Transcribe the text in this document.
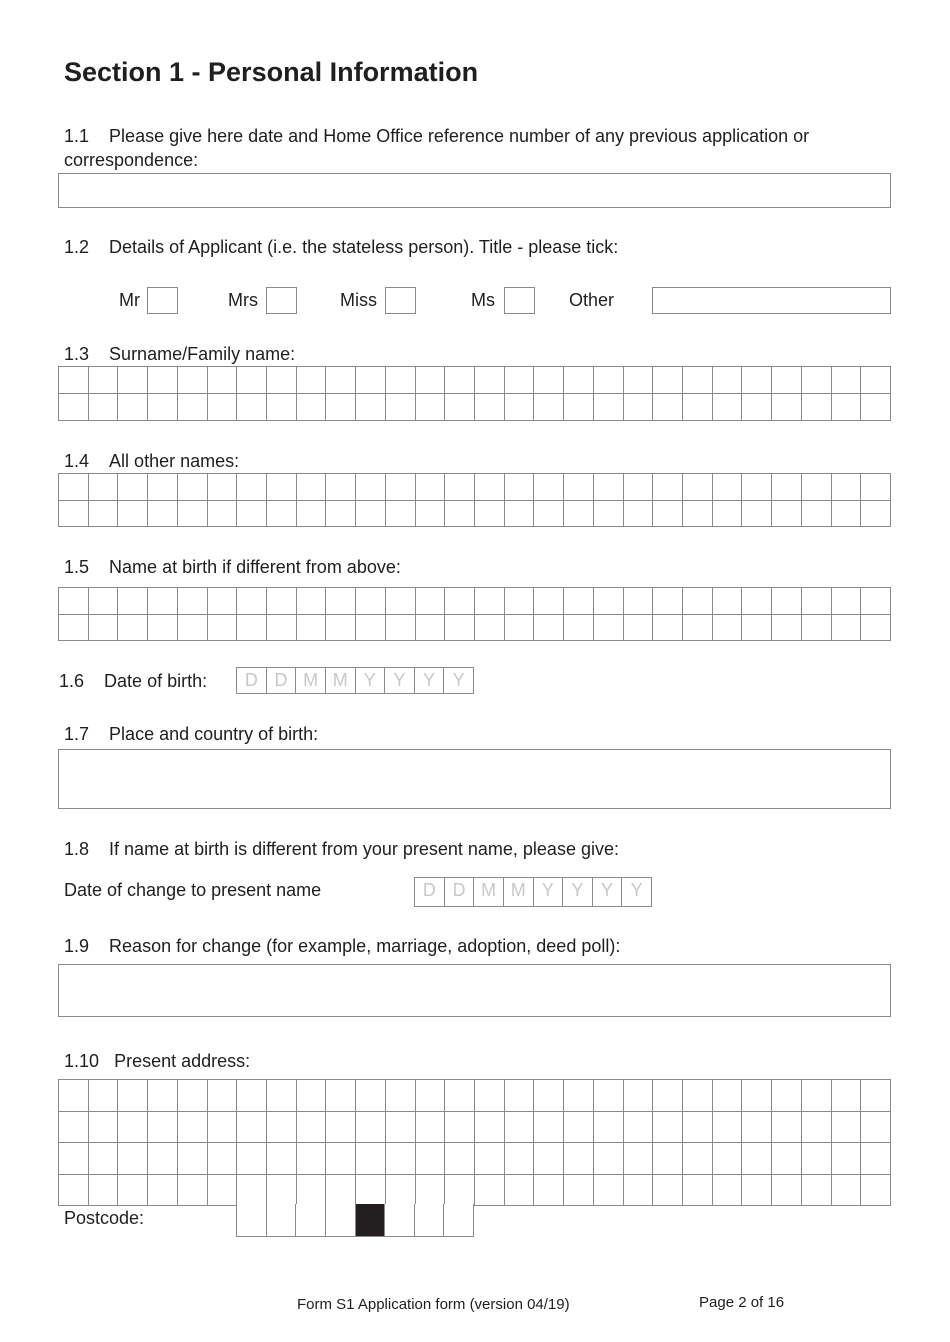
Section 1 - Personal Information
1.1 Please give here date and Home Office reference number of any previous application or
correspondence:
1.2 Details of Applicant (i.e. the stateless person). Title - please tick:
Mr	Mrs	Miss	Ms	Other
1.3 Surname/Family name:
1.4 All other names:
1.5 Name at birth if different from above:
1.6 Date of birth:	D D M M Y Y Y Y
1.7 Place and country of birth:
1.8 If name at birth is different from your present name, please give:
Date of change to present name	D D M M Y Y Y Y
1.9 Reason for change (for example, marriage, adoption, deed poll):
1.10 Present address:
Postcode:
Form S1 Application form (version 04/19)	Page 2 of 16
